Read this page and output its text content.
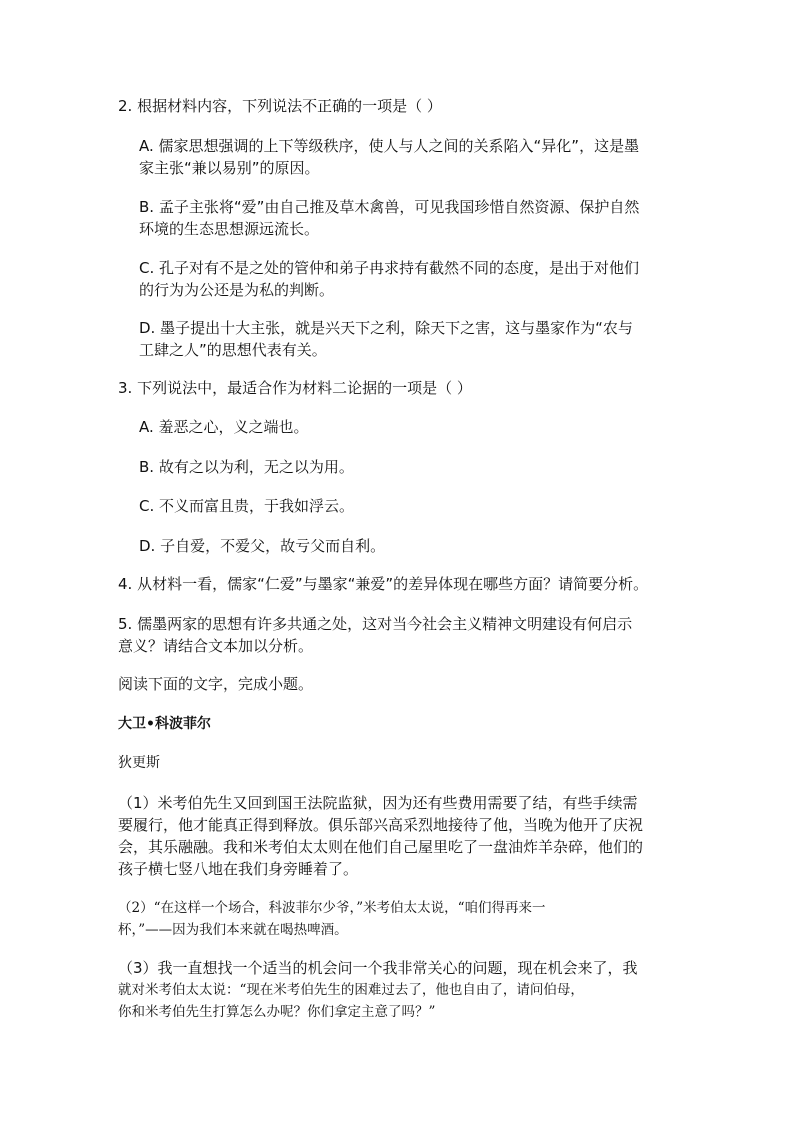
2. 根据材料内容，下列说法不正确的一项是（ ）
A. 儒家思想强调的上下等级秩序，使人与人之间的关系陷入“异化”，这是墨
家主张“兼以易别”的原因。
B. 孟子主张将“爱”由自己推及草木禽兽，可见我国珍惜自然资源、保护自然
环境的生态思想源远流长。
C. 孔子对有不是之处的管仲和弟子冉求持有截然不同的态度，是出于对他们
的行为为公还是为私的判断。
D. 墨子提出十大主张，就是兴天下之利，除天下之害，这与墨家作为“农与
工肆之人”的思想代表有关。
3. 下列说法中，最适合作为材料二论据的一项是（ ）
A. 羞恶之心，义之端也。
B. 故有之以为利，无之以为用。
C. 不义而富且贵，于我如浮云。
D. 子自爱，不爱父，故亏父而自利。
4. 从材料一看，儒家“仁爱”与墨家“兼爱”的差异体现在哪些方面？请简要分析。
5. 儒墨两家的思想有许多共通之处，这对当今社会主义精神文明建设有何启示
意义？请结合文本加以分析。
阅读下面的文字，完成小题。
大卫•科波菲尔
狄更斯
（1）米考伯先生又回到国王法院监狱，因为还有些费用需要了结，有些手续需
要履行，他才能真正得到释放。俱乐部兴高采烈地接待了他，当晚为他开了庆祝
会，其乐融融。我和米考伯太太则在他们自己屋里吃了一盘油炸羊杂碎，他们的
孩子横七竖八地在我们身旁睡着了。
（2）“在这样一个场合，科波菲尔少爷，”米考伯太太说，“咱们得再来一
杯，”——因为我们本来就在喝热啤酒。
（3）我一直想找一个适当的机会问一个我非常关心的问题，现在机会来了，我
就对米考伯太太说：“现在米考伯先生的困难过去了，他也自由了，请问伯母，
你和米考伯先生打算怎么办呢？你们拿定主意了吗？”
